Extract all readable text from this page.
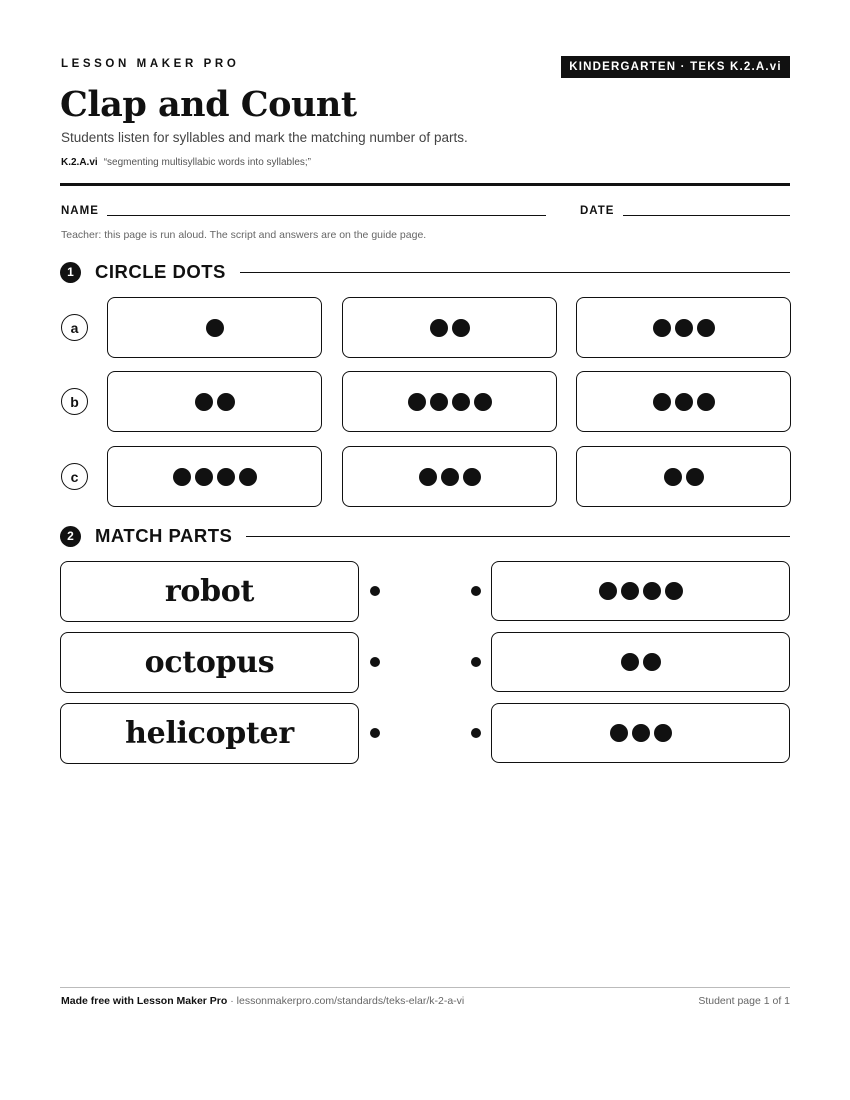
LESSON MAKER PRO	KINDERGARTEN · TEKS K.2.A.vi
Clap and Count
Students listen for syllables and mark the matching number of parts.
K.2.A.vi “segmenting multisyllabic words into syllables;”
NAME	DATE
Teacher: this page is run aloud. The script and answers are on the guide page.
1	CIRCLE DOTS
a
b
c
2	MATCH PARTS
robot
octopus
helicopter
Made free with Lesson Maker Pro · lessonmakerpro.com/standards/teks-elar/k-2-a-vi	Student page 1 of 1
